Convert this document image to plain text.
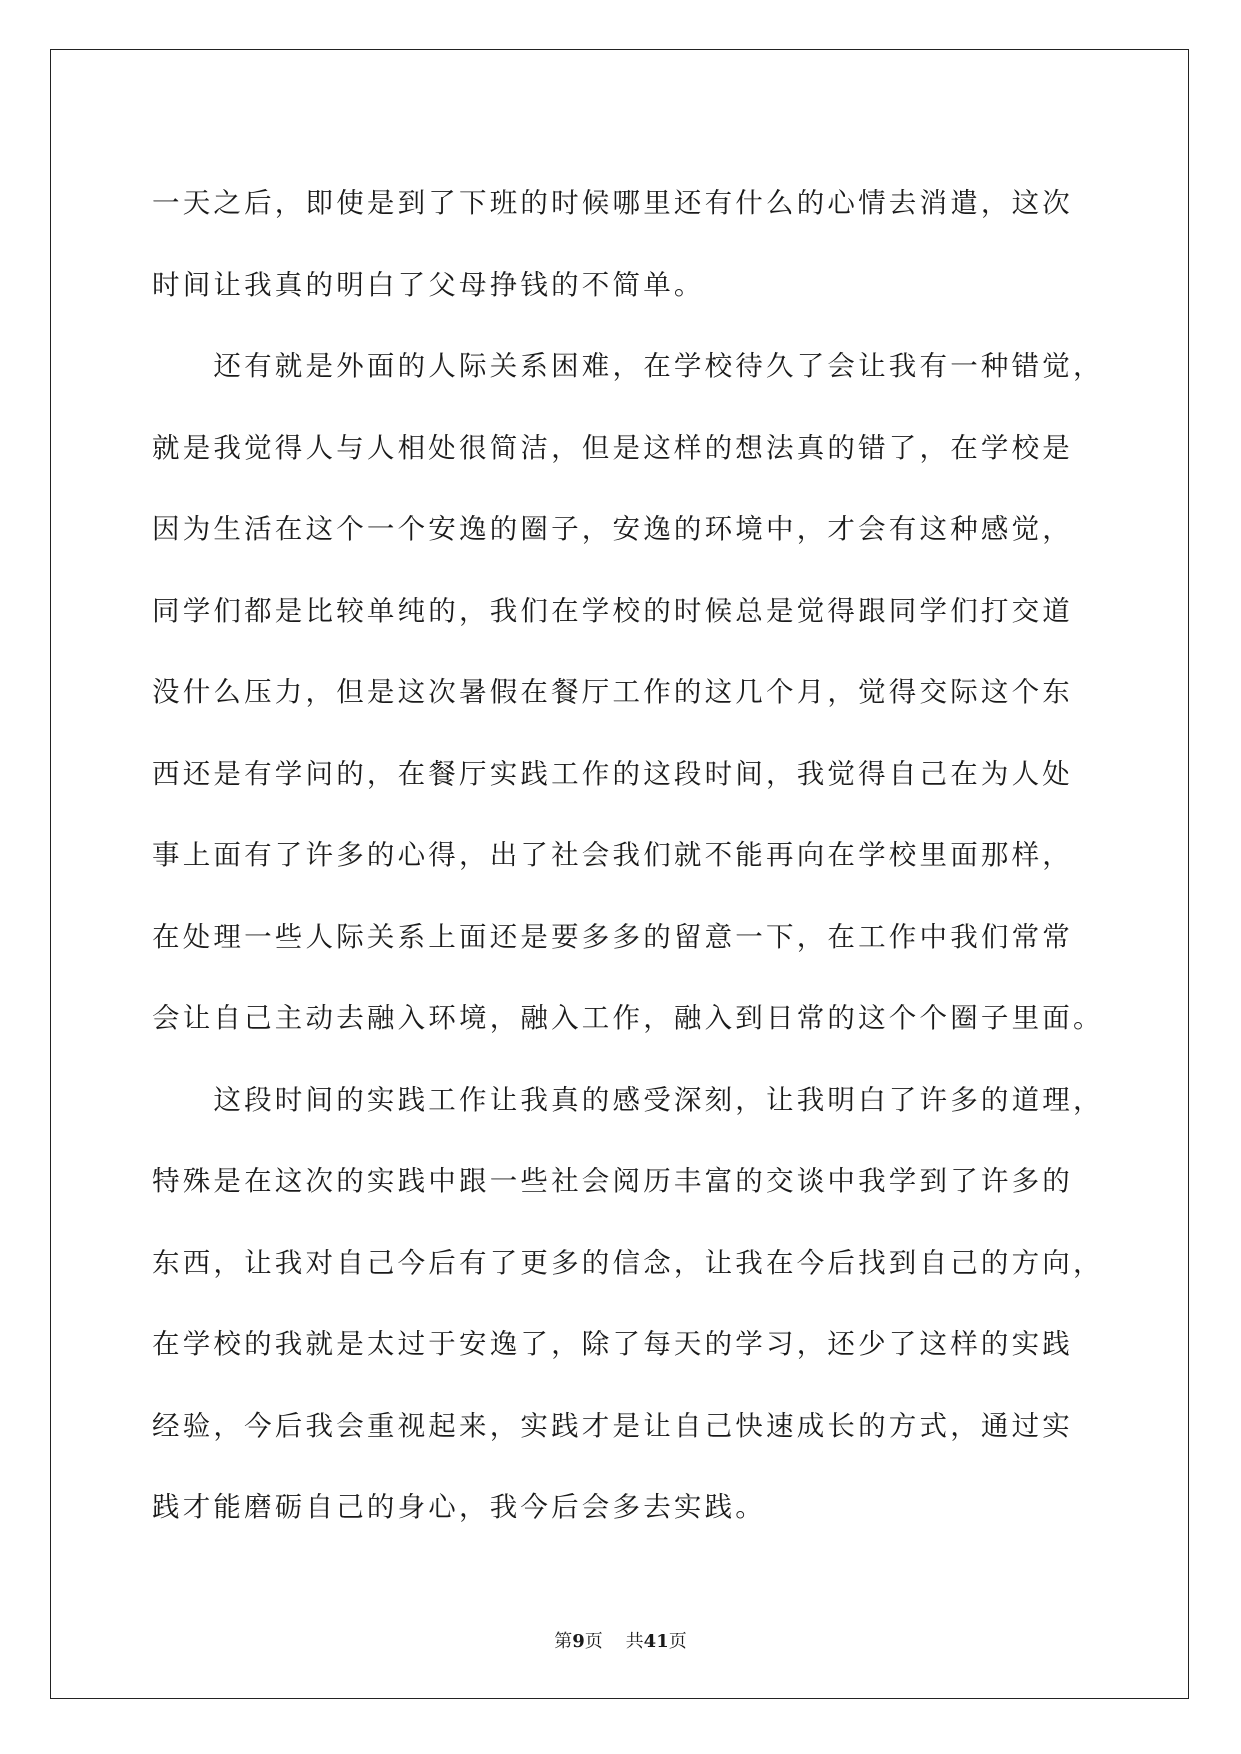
一天之后，即使是到了下班的时候哪里还有什么的心情去消遣，这次
时间让我真的明白了父母挣钱的不简单。
　　还有就是外面的人际关系困难，在学校待久了会让我有一种错觉，
就是我觉得人与人相处很简洁，但是这样的想法真的错了，在学校是
因为生活在这个一个安逸的圈子，安逸的环境中，才会有这种感觉，
同学们都是比较单纯的，我们在学校的时候总是觉得跟同学们打交道
没什么压力，但是这次暑假在餐厅工作的这几个月，觉得交际这个东
西还是有学问的，在餐厅实践工作的这段时间，我觉得自己在为人处
事上面有了许多的心得，出了社会我们就不能再向在学校里面那样，
在处理一些人际关系上面还是要多多的留意一下，在工作中我们常常
会让自己主动去融入环境，融入工作，融入到日常的这个个圈子里面。
　　这段时间的实践工作让我真的感受深刻，让我明白了许多的道理，
特殊是在这次的实践中跟一些社会阅历丰富的交谈中我学到了许多的
东西，让我对自己今后有了更多的信念，让我在今后找到自己的方向，
在学校的我就是太过于安逸了，除了每天的学习，还少了这样的实践
经验，今后我会重视起来，实践才是让自己快速成长的方式，通过实
践才能磨砺自己的身心，我今后会多去实践。
第9页 共41页
